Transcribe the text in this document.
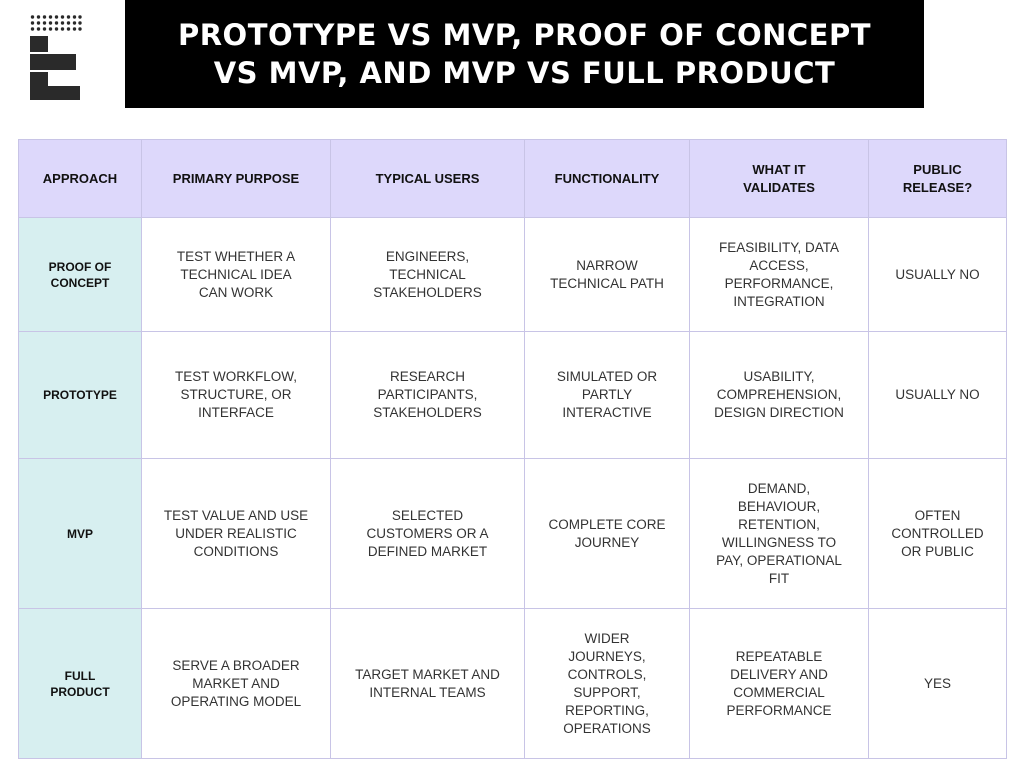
PROTOTYPE VS MVP, PROOF OF CONCEPT
VS MVP, AND MVP VS FULL PRODUCT
APPROACH	PRIMARY PURPOSE	TYPICAL USERS	FUNCTIONALITY	WHAT IT VALIDATES	PUBLIC RELEASE?
PROOF OF CONCEPT	TEST WHETHER A TECHNICAL IDEA CAN WORK	ENGINEERS, TECHNICAL STAKEHOLDERS	NARROW TECHNICAL PATH	FEASIBILITY, DATA ACCESS, PERFORMANCE, INTEGRATION	USUALLY NO
PROTOTYPE	TEST WORKFLOW, STRUCTURE, OR INTERFACE	RESEARCH PARTICIPANTS, STAKEHOLDERS	SIMULATED OR PARTLY INTERACTIVE	USABILITY, COMPREHENSION, DESIGN DIRECTION	USUALLY NO
MVP	TEST VALUE AND USE UNDER REALISTIC CONDITIONS	SELECTED CUSTOMERS OR A DEFINED MARKET	COMPLETE CORE JOURNEY	DEMAND, BEHAVIOUR, RETENTION, WILLINGNESS TO PAY, OPERATIONAL FIT	OFTEN CONTROLLED OR PUBLIC
FULL PRODUCT	SERVE A BROADER MARKET AND OPERATING MODEL	TARGET MARKET AND INTERNAL TEAMS	WIDER JOURNEYS, CONTROLS, SUPPORT, REPORTING, OPERATIONS	REPEATABLE DELIVERY AND COMMERCIAL PERFORMANCE	YES
